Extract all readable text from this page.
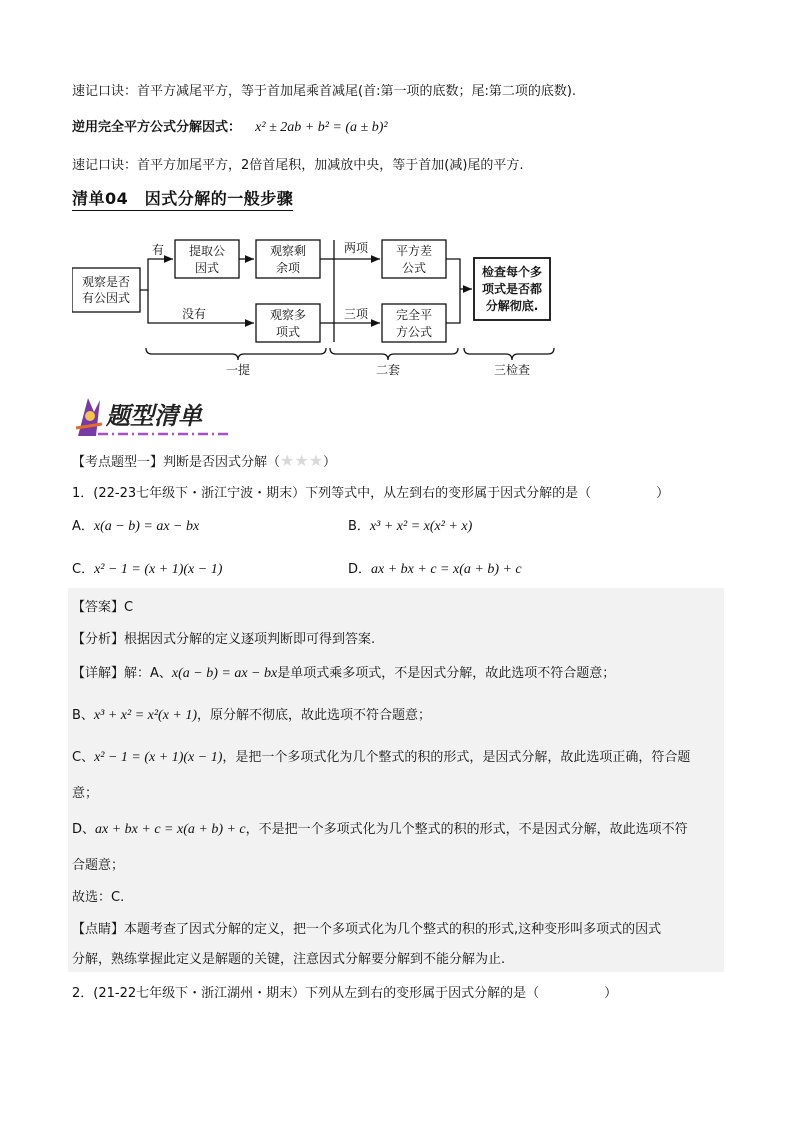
速记口诀：首平方减尾平方，等于首加尾乘首减尾(首:第一项的底数；尾:第二项的底数).
逆用完全平方公式分解因式： x² ± 2ab + b² = (a ± b)²
速记口诀：首平方加尾平方，2倍首尾积，加减放中央，等于首加(减)尾的平方.
清单04　因式分解的一般步骤
观察是否
有公因式
有
没有
提取公
因式
观察剩
余项
观察多
项式
两项
三项
平方差
公式
完全平
方公式
检查每个多
项式是否都
分解彻底.
一提	二套	三检查
题型清单
【考点题型一】判断是否因式分解（★★★）
1．(22-23七年级下・浙江宁波・期末）下列等式中，从左到右的变形属于因式分解的是（　　　　　）
A．x(a − b) = ax − bx	B．x³ + x² = x(x² + x)
C．x² − 1 = (x + 1)(x − 1)	D．ax + bx + c = x(a + b) + c
【答案】C
【分析】根据因式分解的定义逐项判断即可得到答案.
【详解】解：A、x(a − b) = ax − bx是单项式乘多项式，不是因式分解，故此选项不符合题意；
B、x³ + x² = x²(x + 1)，原分解不彻底，故此选项不符合题意；
C、x² − 1 = (x + 1)(x − 1)，是把一个多项式化为几个整式的积的形式，是因式分解，故此选项正确，符合题
意；
D、ax + bx + c = x(a + b) + c，不是把一个多项式化为几个整式的积的形式，不是因式分解，故此选项不符
合题意；
故选：C.
【点睛】本题考查了因式分解的定义，把一个多项式化为几个整式的积的形式,这种变形叫多项式的因式
分解，熟练掌握此定义是解题的关键，注意因式分解要分解到不能分解为止.
2．(21-22七年级下・浙江湖州・期末）下列从左到右的变形属于因式分解的是（　　　　　）
